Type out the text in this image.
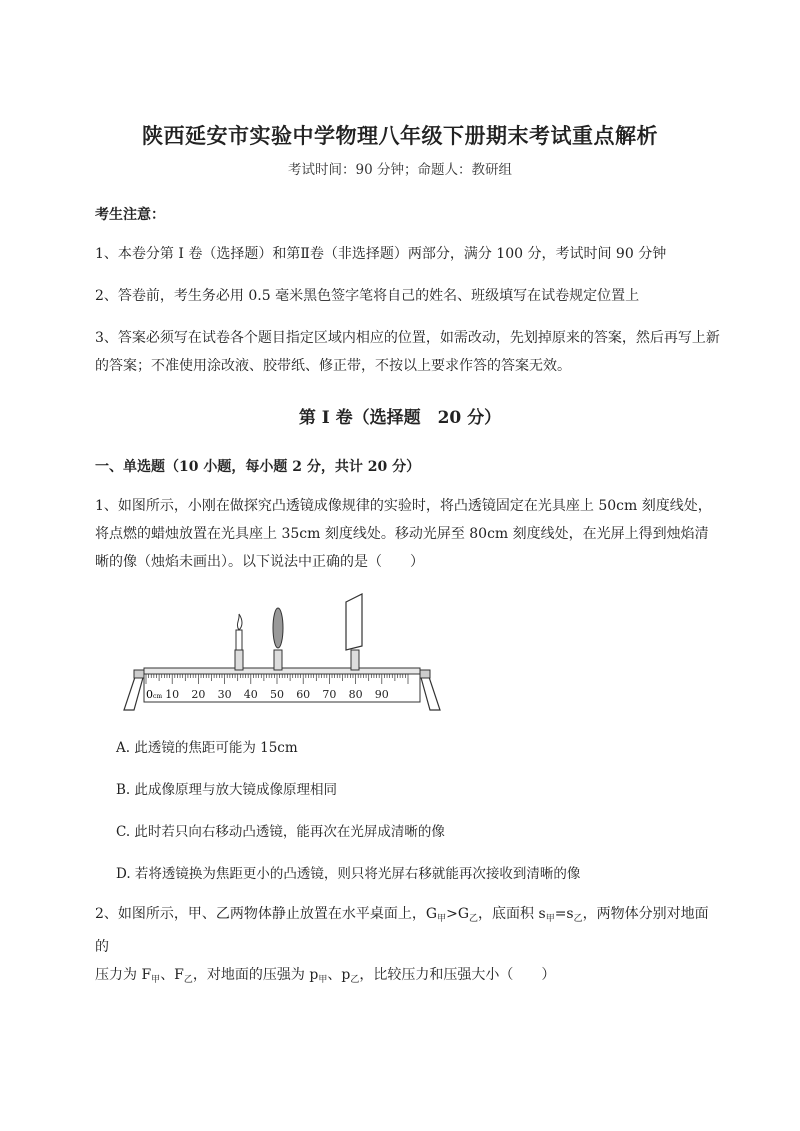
陕西延安市实验中学物理八年级下册期末考试重点解析
考试时间：90 分钟；命题人：教研组
考生注意：
1、本卷分第 I 卷（选择题）和第Ⅱ卷（非选择题）两部分，满分 100 分，考试时间 90 分钟
2、答卷前，考生务必用 0.5 毫米黑色签字笔将自己的姓名、班级填写在试卷规定位置上
3、答案必须写在试卷各个题目指定区域内相应的位置，如需改动，先划掉原来的答案，然后再写上新的答案；不准使用涂改液、胶带纸、修正带，不按以上要求作答的答案无效。
第 I 卷（选择题　20 分）
一、单选题（10 小题，每小题 2 分，共计 20 分）
1、如图所示，小刚在做探究凸透镜成像规律的实验时，将凸透镜固定在光具座上 50cm 刻度线处，将点燃的蜡烛放置在光具座上 35cm 刻度线处。移动光屏至 80cm 刻度线处，在光屏上得到烛焰清晰的像（烛焰未画出）。以下说法中正确的是（　　）
10 20 30 40 50 60 70 80 90
0 cm
A. 此透镜的焦距可能为 15cm
B. 此成像原理与放大镜成像原理相同
C. 此时若只向右移动凸透镜，能再次在光屏成清晰的像
D. 若将透镜换为焦距更小的凸透镜，则只将光屏右移就能再次接收到清晰的像
2、如图所示，甲、乙两物体静止放置在水平桌面上，$G_甲>G_乙$，底面积 $s_甲=s_乙$，两物体分别对地面的
压力为 $F_甲$、$F_乙$，对地面的压强为 $p_甲$、$p_乙$，比较压力和压强大小（　　）
